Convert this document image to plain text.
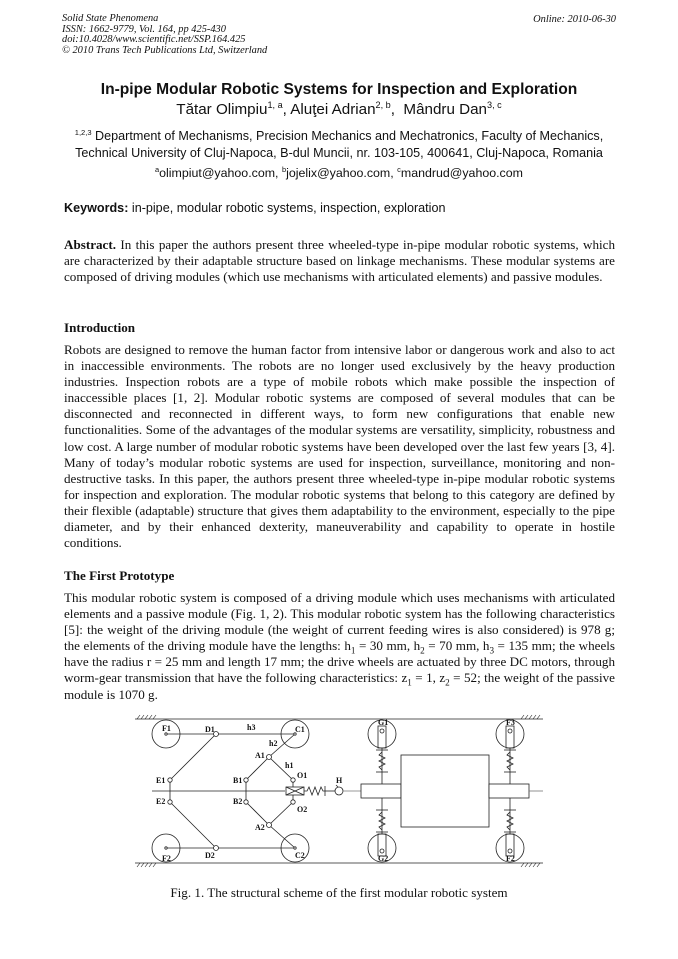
Solid State Phenomena
ISSN: 1662-9779, Vol. 164, pp 425-430
doi:10.4028/www.scientific.net/SSP.164.425
© 2010 Trans Tech Publications Ltd, Switzerland
Online: 2010-06-30
In-pipe Modular Robotic Systems for Inspection and Exploration
Tătar Olimpiu$^{1, a}$, Aluţei Adrian$^{2, b}$,  Mândru Dan$^{3, c}$
$^{1,2,3}$ Department of Mechanisms, Precision Mechanics and Mechatronics, Faculty of Mechanics,
Technical University of Cluj-Napoca, B-dul Muncii, nr. 103-105, 400641, Cluj-Napoca, Romania
$^a$olimpiut@yahoo.com, $^b$jojelix@yahoo.com, $^c$mandrud@yahoo.com
Keywords: in-pipe, modular robotic systems, inspection, exploration
Abstract. In this paper the authors present three wheeled-type in-pipe modular robotic systems, which are characterized by their adaptable structure based on linkage mechanisms. These modular systems are composed of driving modules (which use mechanisms with articulated elements) and passive modules.
Introduction
Robots are designed to remove the human factor from intensive labor or dangerous work and also to act in inaccessible environments. The robots are no longer used exclusively by the heavy production industries. Inspection robots are a type of mobile robots which make possible the inspection of inaccessible places [1, 2]. Modular robotic systems are composed of several modules that can be disconnected and reconnected in different ways, to form new configurations that enable new functionalities. Some of the advantages of the modular systems are versatility, simplicity, robustness and low cost. A large number of modular robotic systems have been developed over the last few years [3, 4]. Many of today’s modular robotic systems are used for inspection, surveillance, monitoring and non-destructive tasks. In this paper, the authors present three wheeled-type in-pipe modular robotic systems for inspection and exploration. The modular robotic systems that belong to this category are defined by their flexible (adaptable) structure that gives them adaptability to the environment, especially to the pipe diameter, and by their enhanced dexterity, maneuverability and capability to operate in hostile conditions.
The First Prototype
This modular robotic system is composed of a driving module which uses mechanisms with articulated elements and a passive module (Fig. 1, 2). This modular robotic system has the following characteristics [5]: the weight of the driving module (the weight of current feeding wires is also considered) is 978 g; the elements of the driving module have the lengths: $h_1 = 30$ mm, $h_2 = 70$ mm, $h_3 = 135$ mm; the wheels have the radius r = 25 mm and length 17 mm; the drive wheels are actuated by three DC motors, through worm-gear transmission that have the following characteristics: $z_1 = 1$, $z_2 = 52$; the weight of the passive module is 1070 g.
F1
F2
D1
D2
C1
C2
E1
E2
B1
B2
A1
A2
O1
O2
H
h1
h2
h3
G1
G2
F3
F2
Fig. 1. The structural scheme of the first modular robotic system
